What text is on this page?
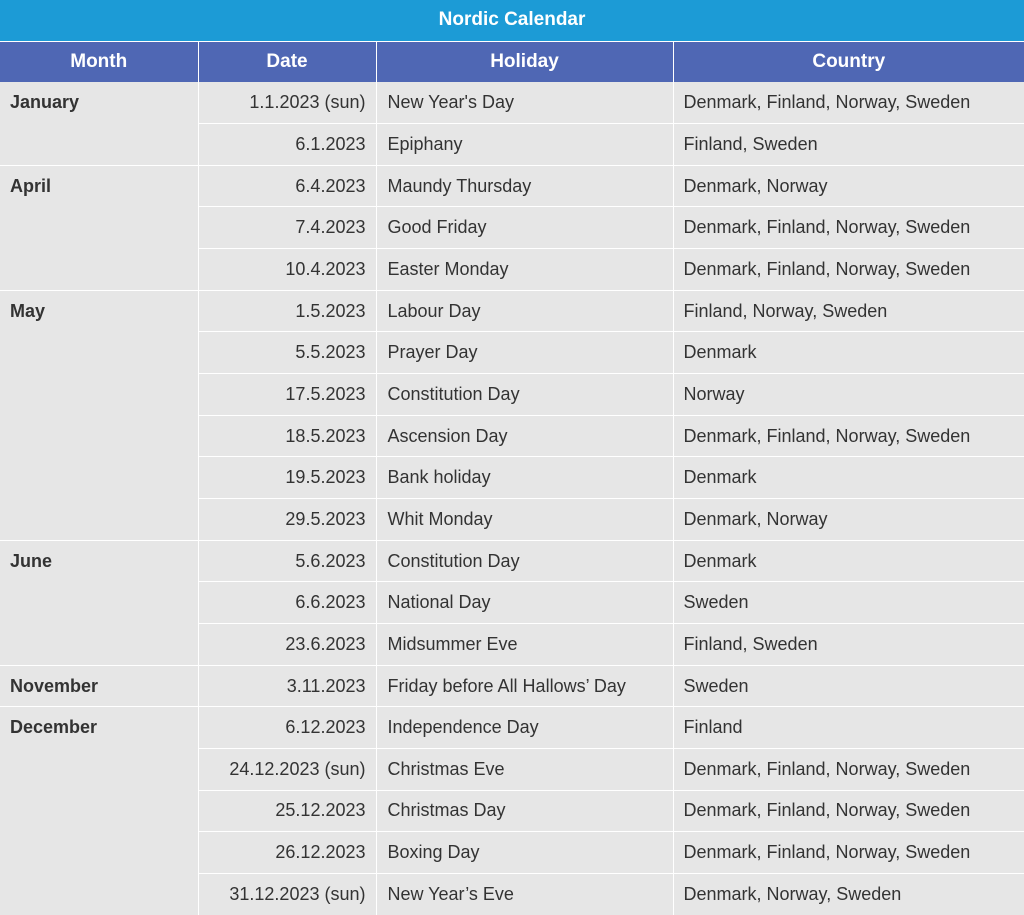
Nordic Calendar			
Month	Date	Holiday	Country
January	1.1.2023 (sun)	New Year's Day	Denmark, Finland, Norway, Sweden
	6.1.2023	Epiphany	Finland, Sweden
April	6.4.2023	Maundy Thursday	Denmark, Norway
	7.4.2023	Good Friday	Denmark, Finland, Norway, Sweden
	10.4.2023	Easter Monday	Denmark, Finland, Norway, Sweden
May	1.5.2023	Labour Day	Finland, Norway, Sweden
	5.5.2023	Prayer Day	Denmark
	17.5.2023	Constitution Day	Norway
	18.5.2023	Ascension Day	Denmark, Finland, Norway, Sweden
	19.5.2023	Bank holiday	Denmark
	29.5.2023	Whit Monday	Denmark, Norway
June	5.6.2023	Constitution Day	Denmark
	6.6.2023	National Day	Sweden
	23.6.2023	Midsummer Eve	Finland, Sweden
November	3.11.2023	Friday before All Hallows’ Day	Sweden
December	6.12.2023	Independence Day	Finland
	24.12.2023 (sun)	Christmas Eve	Denmark, Finland, Norway, Sweden
	25.12.2023	Christmas Day	Denmark, Finland, Norway, Sweden
	26.12.2023	Boxing Day	Denmark, Finland, Norway, Sweden
	31.12.2023 (sun)	New Year’s Eve	Denmark, Norway, Sweden
